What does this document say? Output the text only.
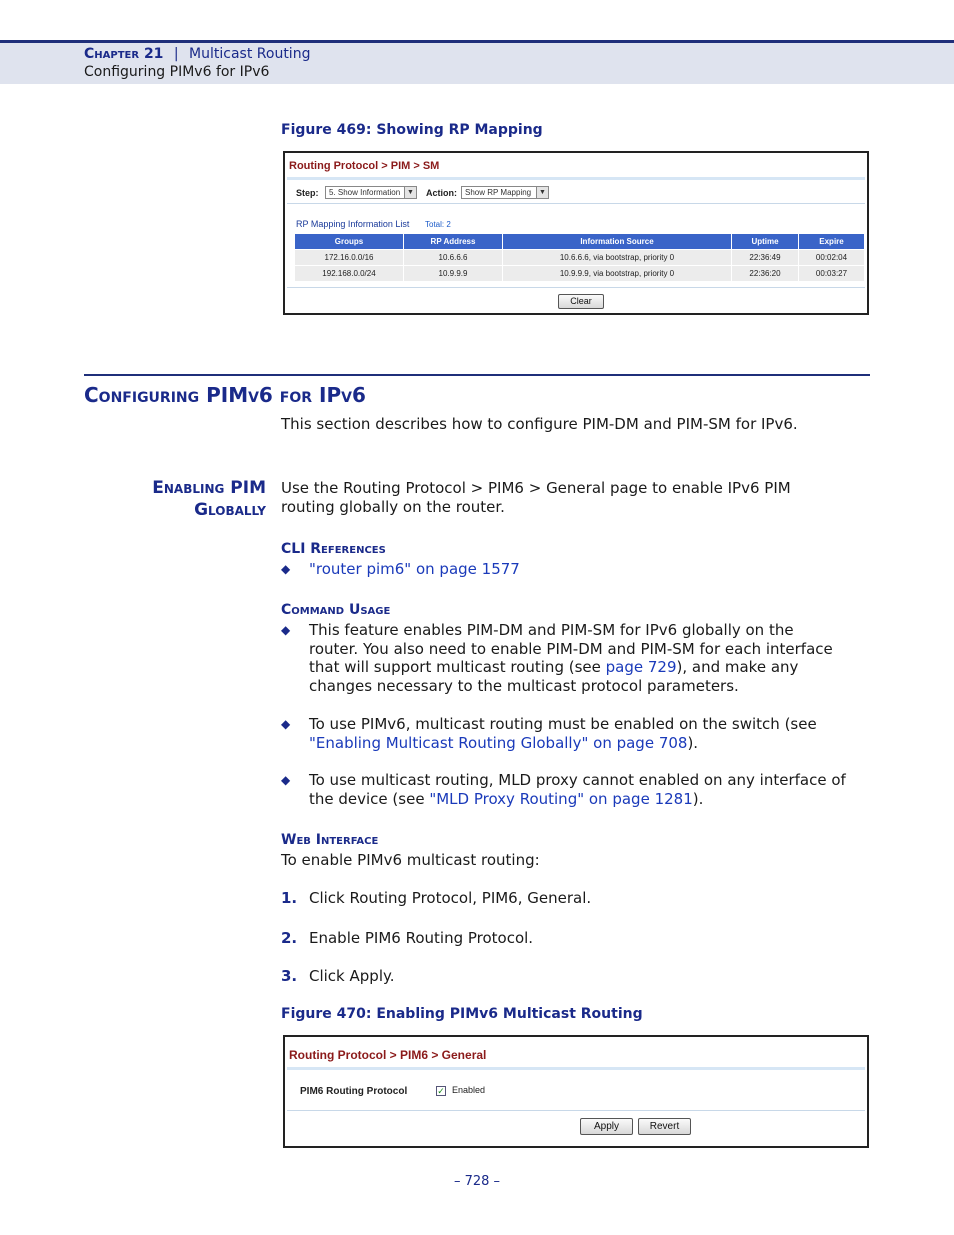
Chapter 21 | Multicast Routing
Configuring PIMv6 for IPv6
Figure 469: Showing RP Mapping
Routing Protocol > PIM > SM
Step:	5. Show Information ▼ Action:	Show RP Mapping	▼
RP Mapping Information List Total: 2
Groups	RP Address	Information Source	Uptime	Expire
172.16.0.0/16	10.6.6.6	10.6.6.6, via bootstrap, priority 0	22:36:49	00:02:04
192.168.0.0/24	10.9.9.9	10.9.9.9, via bootstrap, priority 0	22:36:20	00:03:27
Clear
Configuring PIMv6 for IPv6
This section describes how to configure PIM-DM and PIM-SM for IPv6.
Enabling PIM
Globally
Use the Routing Protocol > PIM6 > General page to enable IPv6 PIM
routing globally on the router.
CLI References
◆ "router pim6" on page 1577
Command Usage
◆ This feature enables PIM-DM and PIM-SM for IPv6 globally on the
router. You also need to enable PIM-DM and PIM-SM for each interface
that will support multicast routing (see page 729), and make any
changes necessary to the multicast protocol parameters.
◆ To use PIMv6, multicast routing must be enabled on the switch (see
"Enabling Multicast Routing Globally" on page 708).
◆ To use multicast routing, MLD proxy cannot enabled on any interface of
the device (see "MLD Proxy Routing" on page 1281).
Web Interface
To enable PIMv6 multicast routing:
1. Click Routing Protocol, PIM6, General.
2. Enable PIM6 Routing Protocol.
3. Click Apply.
Figure 470: Enabling PIMv6 Multicast Routing
Routing Protocol > PIM6 > General
PIM6 Routing Protocol	✓ Enabled
Apply	Revert
– 728 –
